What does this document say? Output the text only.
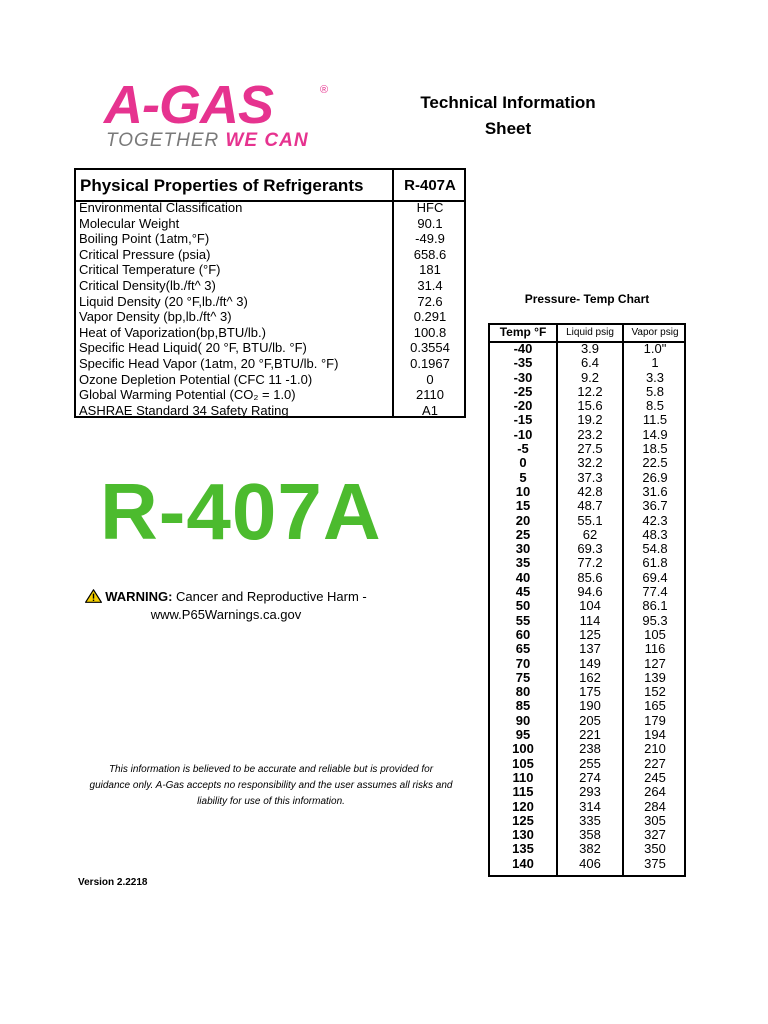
A-GAS	®
TOGETHER WE CAN
Technical Information
Sheet
Physical Properties of Refrigerants	R-407A
Environmental Classification	HFC
Molecular Weight	90.1
Boiling Point (1atm,°F)	-49.9
Critical Pressure (psia)	658.6
Critical Temperature (°F)	181
Critical Density(lb./ft^ 3)	31.4
Liquid Density (20 °F,lb./ft^ 3)	72.6
Vapor Density (bp,lb./ft^ 3)	0.291
Heat of Vaporization(bp,BTU/lb.)	100.8
Specific Head Liquid( 20 °F, BTU/lb. °F)	0.3554
Specific Head Vapor (1atm, 20 °F,BTU/lb. °F)	0.1967
Ozone Depletion Potential (CFC 11 -1.0)	0
Global Warming Potential (CO₂ = 1.0)	2110
ASHRAE Standard 34 Safety Rating	A1
R-407A
WARNING: Cancer and Reproductive Harm -
www.P65Warnings.ca.gov
This information is believed to be accurate and reliable but is provided for
guidance only. A-Gas accepts no responsibility and the user assumes all risks and
liability for use of this information.
Version 2.2218
Pressure- Temp Chart
Temp °F	Liquid psig	Vapor psig
-40	3.9	1.0"
-35	6.4	1
-30	9.2	3.3
-25	12.2	5.8
-20	15.6	8.5
-15	19.2	11.5
-10	23.2	14.9
-5	27.5	18.5
0	32.2	22.5
5	37.3	26.9
10	42.8	31.6
15	48.7	36.7
20	55.1	42.3
25	62	48.3
30	69.3	54.8
35	77.2	61.8
40	85.6	69.4
45	94.6	77.4
50	104	86.1
55	114	95.3
60	125	105
65	137	116
70	149	127
75	162	139
80	175	152
85	190	165
90	205	179
95	221	194
100	238	210
105	255	227
110	274	245
115	293	264
120	314	284
125	335	305
130	358	327
135	382	350
140	406	375
